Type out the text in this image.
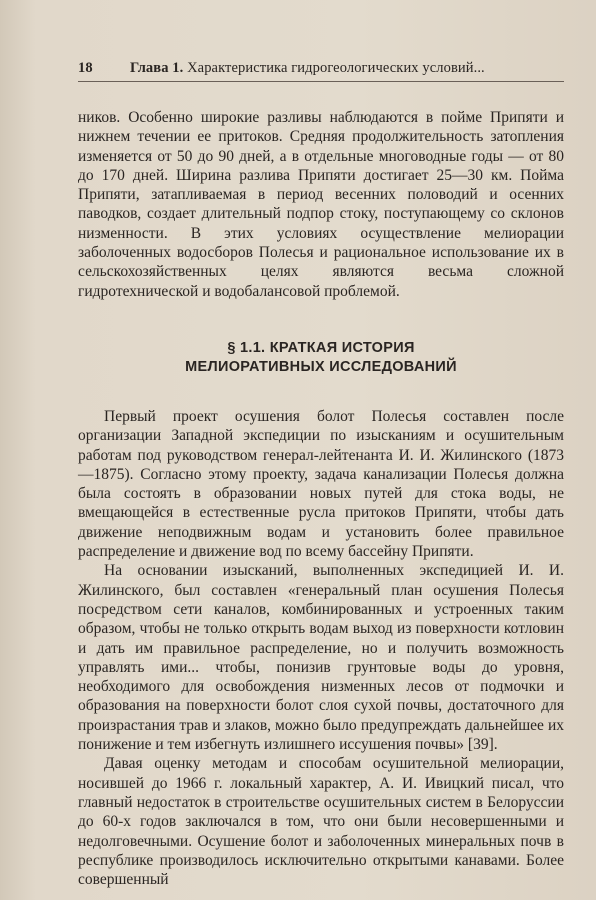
18	Глава 1. Характеристика гидрогеологических условий...

ников. Особенно широкие разливы наблюдаются в пойме Припяти и нижнем течении ее притоков. Средняя продолжительность затопления изменяется от 50 до 90 дней, а в отдельные многоводные годы — от 80 до 170 дней. Ширина разлива Припяти достигает 25—30 км. Пойма Припяти, затапливаемая в период весенних половодий и осенних паводков, создает длительный подпор стоку, поступающему со склонов низменности. В этих условиях осуществление мелиорации заболоченных водосборов Полесья и рациональное использование их в сельскохозяйственных целях являются весьма сложной гидротехнической и водобалансовой проблемой.

§ 1.1. КРАТКАЯ ИСТОРИЯ
МЕЛИОРАТИВНЫХ ИССЛЕДОВАНИЙ

Первый проект осушения болот Полесья составлен после организации Западной экспедиции по изысканиям и осушительным работам под руководством генерал-лейтенанта И. И. Жилинского (1873—1875). Согласно этому проекту, задача канализации Полесья должна была состоять в образовании новых путей для стока воды, не вмещающейся в естественные русла притоков Припяти, чтобы дать движение неподвижным водам и установить более правильное распределение и движение вод по всему бассейну Припяти.

На основании изысканий, выполненных экспедицией И. И. Жилинского, был составлен «генеральный план осушения Полесья посредством сети каналов, комбинированных и устроенных таким образом, чтобы не только открыть водам выход из поверхности котловин и дать им правильное распределение, но и получить возможность управлять ими... чтобы, понизив грунтовые воды до уровня, необходимого для освобождения низменных лесов от подмочки и образования на поверхности болот слоя сухой почвы, достаточного для произрастания трав и злаков, можно было предупреждать дальнейшее их понижение и тем избегнуть излишнего иссушения почвы» [39].

Давая оценку методам и способам осушительной мелиорации, носившей до 1966 г. локальный характер, А. И. Ивицкий писал, что главный недостаток в строительстве осушительных систем в Белоруссии до 60-х годов заключался в том, что они были несовершенными и недолговечными. Осушение болот и заболоченных минеральных почв в республике производилось исключительно открытыми канавами. Более совершенный
